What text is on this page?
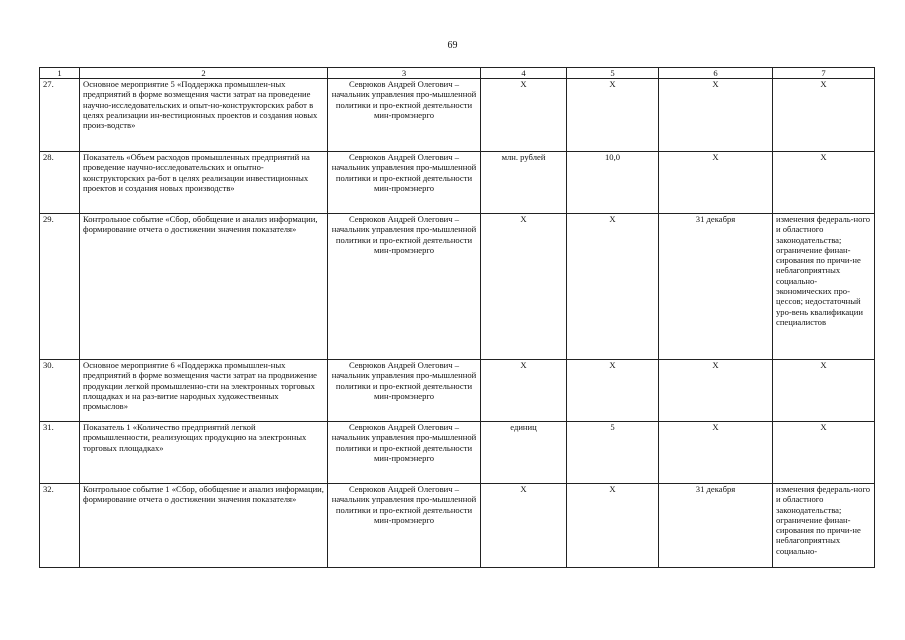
69
1	2	3	4	5	6	7
27.	Основное мероприятие 5 «Поддержка промышлен-ных предприятий в форме возмещения части затрат на проведение научно-исследовательских и опыт-но-конструкторских работ в целях реализации ин-вестиционных проектов и создания новых произ-водств»	Севрюков Андрей Олегович – начальник управления про-мышленной политики и про-ектной деятельности мин-промэнерго	X	X	X	X
28.	Показатель «Объем расходов промышленных предприятий на проведение научно-исследовательских и опытно-конструкторских ра-бот в целях реализации инвестиционных проектов и создания новых производств»	Севрюков Андрей Олегович – начальник управления про-мышленной политики и про-ектной деятельности мин-промэнерго	млн. рублей	10,0	X	X
29.	Контрольное событие «Сбор, обобщение и анализ информации, формирование отчета о достижении значения показателя»	Севрюков Андрей Олегович – начальник управления про-мышленной политики и про-ектной деятельности мин-промэнерго	X	X	31 декабря	изменения федераль-ного и областного законодательства; ограничение финан-сирования по причи-не неблагоприятных социально-экономических про-цессов; недостаточный уро-вень квалификации специалистов
30.	Основное мероприятие 6 «Поддержка промышлен-ных предприятий в форме возмещения части затрат на продвижение продукции легкой промышленно-сти на электронных торговых площадках и на раз-витие народных художественных промыслов»	Севрюков Андрей Олегович – начальник управления про-мышленной политики и про-ектной деятельности мин-промэнерго	X	X	X	X
31.	Показатель 1 «Количество предприятий легкой промышленности, реализующих продукцию на электронных торговых площадках»	Севрюков Андрей Олегович – начальник управления про-мышленной политики и про-ектной деятельности мин-промэнерго	единиц	5	X	X
32.	Контрольное событие 1 «Сбор, обобщение и анализ информации, формирование отчета о достижении значения показателя»	Севрюков Андрей Олегович – начальник управления про-мышленной политики и про-ектной деятельности мин-промэнерго	X	X	31 декабря	изменения федераль-ного и областного законодательства; ограничение финан-сирования по причи-не неблагоприятных социально-
